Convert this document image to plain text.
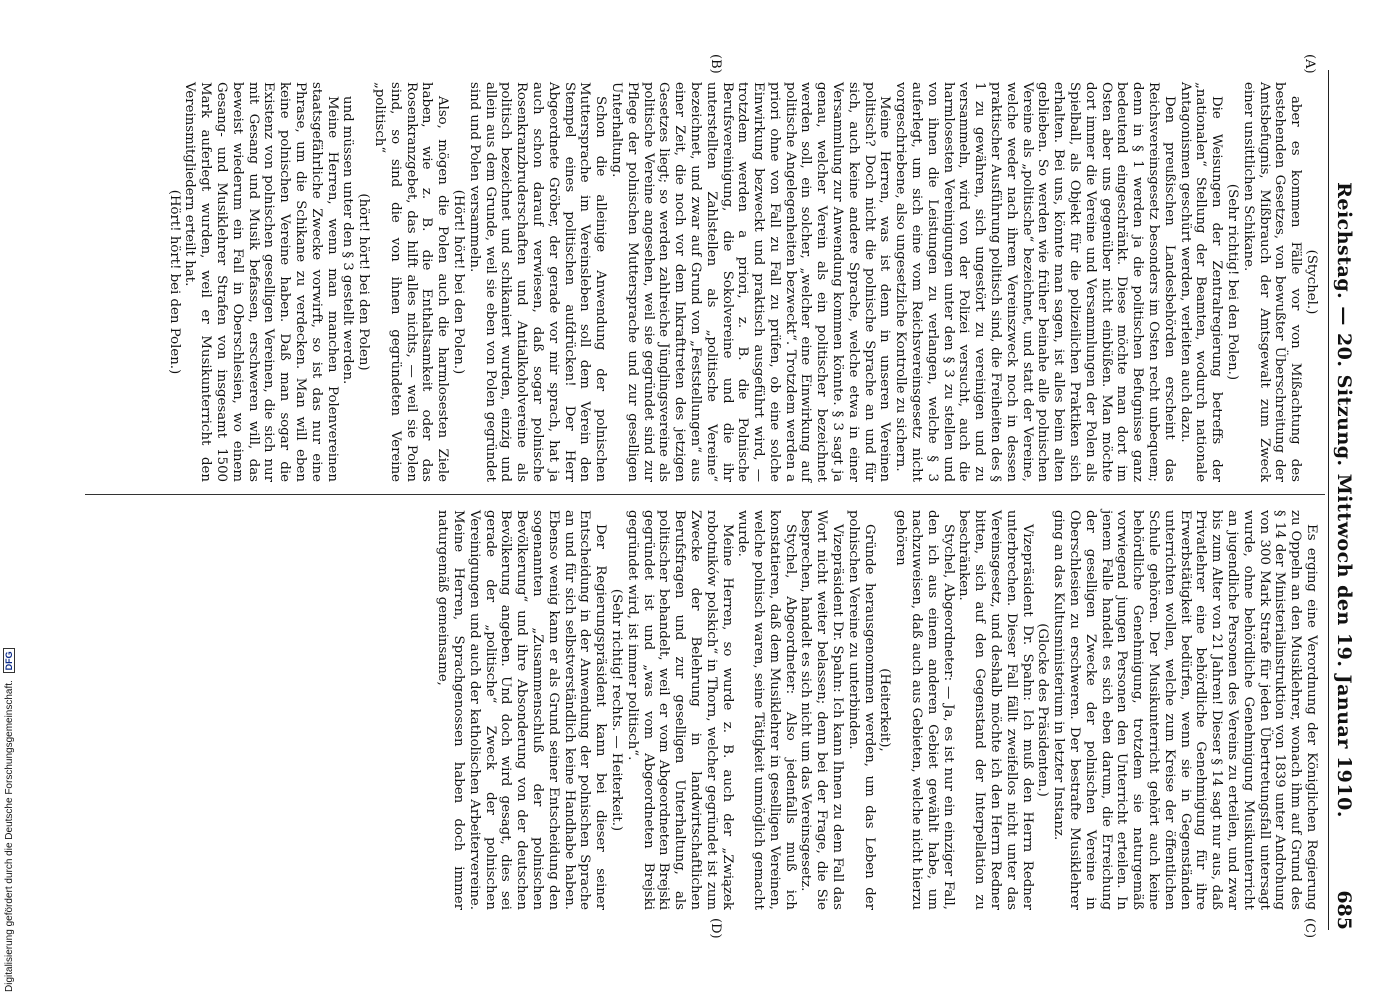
Digitalisierung gefördert durch die Deutsche Forschungsgemeinschaft. DFG	Reichstag. — 20. Sitzung. Mittwoch den 19. Januar 1910.
685
(A)
(B)
(C)
(D)

(Stychel.)

aber es kommen Fälle vor von Mißachtung des bestehenden Gesetzes, von bewußter Überschreitung der Amtsbefugnis, Mißbrauch der Amtsgewalt zum Zweck einer unsittlichen Schikane.

(Sehr richtig! bei den Polen.)

Die Weisungen der Zentralregierung betreffs der „nationalen“ Stellung der Beamten, wodurch nationale Antagonismen geschürt werden, verleiten auch dazu.

Den preußischen Landesbehörden erscheint das Reichsvereinsgesetz besonders im Osten recht unbequem; denn in § 1 werden ja die politischen Befugnisse ganz bedeutend eingeschränkt. Diese möchte man dort im Osten aber uns gegenüber nicht einbüßen. Man möchte dort immer die Vereine und Versammlungen der Polen als Spielball, als Objekt für die polizeilichen Praktiken sich erhalten. Bei uns, könnte man sagen, ist alles beim alten geblieben. So werden wie früher beinahe alle polnischen Vereine als „politische“ bezeichnet, und statt der Vereine, welche weder nach ihrem Vereinszweck noch in dessen praktischer Ausführung politisch sind, die Freiheiten des § 1 zu gewähren, sich ungestört zu vereinigen und zu versammeln, wird von der Polizei versucht, auch die harmlosesten Vereinigungen unter den § 3 zu stellen und von ihnen die Leistungen zu verlangen, welche § 3 auferlegt, um sich eine vom Reichsvereinsgesetz nicht vorgeschriebene, also ungesetzliche Kontrolle zu sichern.

Meine Herren, was ist denn in unseren Vereinen politisch? Doch nicht die polnische Sprache an und für sich, auch keine andere Sprache, welche etwa in einer Versammlung zur Anwendung kommen könnte. § 3 sagt ja genau, welcher Verein als ein politischer bezeichnet werden soll, ein solcher, „welcher eine Einwirkung auf politische Angelegenheiten bezweckt“. Trotzdem werden a priori ohne von Fall zu Fall zu prüfen, ob eine solche Einwirkung bezweckt und praktisch ausgeführt wird, — trotzdem werden a priori, z. B. die Polnische Berufsvereinigung, die Sokolvereine und die ihr unterstellten Zahlstellen als „politische Vereine“ bezeichnet, und zwar auf Grund von „Feststellungen“ aus einer Zeit, die noch vor dem Inkrafttreten des jetzigen Gesetzes liegt; so werden zahlreiche Jünglingsvereine als politische Vereine angesehen, weil sie gegründet sind zur Pflege der polnischen Muttersprache und zur geselligen Unterhaltung.

Schon die alleinige Anwendung der polnischen Muttersprache im Vereinsleben soll dem Verein den Stempel eines politischen aufdrücken! Der Herr Abgeordnete Gröber, der gerade vor mir sprach, hat ja auch schon darauf verwiesen, daß sogar polnische Rosenkranzbruderschaften und Antialkoholvereine als politisch bezeichnet und schikaniert wurden, einzig und allein aus dem Grunde, weil sie eben von Polen gegründet sind und Polen versammeln.

(Hört! hört! bei den Polen.)

Also, mögen die Polen auch die harmlosesten Ziele haben, wie z. B. die Enthaltsamkeit oder das Rosenkranzgebet, das hilft alles nichts, — weil sie Polen sind, so sind die von ihnen gegründeten Vereine „politisch“

(hört! hört! bei den Polen)

und müssen unter den § 3 gestellt werden.

Meine Herren, wenn man manchen Polenvereinen staatsgefährliche Zwecke vorwirft, so ist das nur eine Phrase, um die Schikane zu verdecken. Man will eben keine polnischen Vereine haben. Daß man sogar die Existenz von polnischen geselligen Vereinen, die sich nur mit Gesang und Musik befassen, erschweren will, das beweist wiederum ein Fall in Oberschlesien, wo einem Gesang- und Musiklehrer Strafen von insgesamt 1500 Mark auferlegt wurden, weil er Musikunterricht den Vereinsmitgliedern erteilt hat.

(Hört! hört! bei den Polen.)

Es erging eine Verordnung der Königlichen Regierung zu Oppeln an den Musiklehrer, wonach ihm auf Grund des § 14 der Ministerialinstruktion von 1839 unter Androhung von 300 Mark Strafe für jeden Übertretungsfall untersagt wurde, ohne behördliche Genehmigung Musikunterricht an jugendliche Personen des Vereins zu erteilen, und zwar bis zum Alter von 21 Jahren! Dieser § 14 sagt nur aus, daß Privatlehrer eine behördliche Genehmigung für ihre Erwerbstätigkeit bedürfen, wenn sie in Gegenständen unterrichten wollen, welche zum Kreise der öffentlichen Schule gehören. Der Musikunterricht gehört auch keine behördliche Genehmigung, trotzdem sie naturgemäß vorwiegend jungen Personen den Unterricht erteilen. In jenem Falle handelt es sich eben darum, die Erreichung der geselligen Zwecke der polnischen Vereine in Oberschlesien zu erschweren. Der bestrafte Musiklehrer ging an das Kultusministerium in letzter Instanz.

(Glocke des Präsidenten.)

Vizepräsident Dr. Spahn: Ich muß den Herrn Redner unterbrechen. Dieser Fall fällt zweifellos nicht unter das Vereinsgesetz, und deshalb möchte ich den Herrn Redner bitten, sich auf den Gegenstand der Interpellation zu beschränken.

Stychel, Abgeordneter: — Ja, es ist nur ein einziger Fall, den ich aus einem anderen Gebiet gewählt habe, um nachzuweisen, daß auch aus Gebieten, welche nicht hierzu gehören

(Heiterkeit),

Gründe herausgenommen werden, um das Leben der polnischen Vereine zu unterbinden.

Vizepräsident Dr. Spahn: Ich kann Ihnen zu dem Fall das Wort nicht weiter belassen; denn bei der Frage, die Sie besprechen, handelt es sich nicht um das Vereinsgesetz.

Stychel, Abgeordneter: Also jedenfalls muß ich konstatieren, daß dem Musiklehrer in geselligen Vereinen, welche polnisch waren, seine Tätigkeit unmöglich gemacht wurde.

Meine Herren, so wurde z. B. auch der „Związek robotników polskich“ in Thorn, welcher gegründet ist zum Zwecke der Belehrung in landwirtschaftlichen Berufsfragen und zur geselligen Unterhaltung, als politischer behandelt, weil er vom Abgeordneten Brejski gegründet ist und „was vom Abgeordneten Brejski gegründet wird, ist immer politisch“.

(Sehr richtig! rechts. — Heiterkeit.)

Der Regierungspräsident kann bei dieser seiner Entscheidung in der Anwendung der polnischen Sprache an und für sich selbstverständlich keine Handhabe haben. Ebenso wenig kann er als Grund seiner Entscheidung den sogenannten „Zusammenschluß der polnischen Bevölkerung“ und ihre Absonderung von der deutschen Bevölkerung angeben. Und doch wird gesagt, dies sei gerade der „politische“ Zweck der polnischen Vereinigungen und auch der katholischen Arbeitervereine. Meine Herren, Sprachgenossen haben doch immer naturgemäß gemeinsame,
